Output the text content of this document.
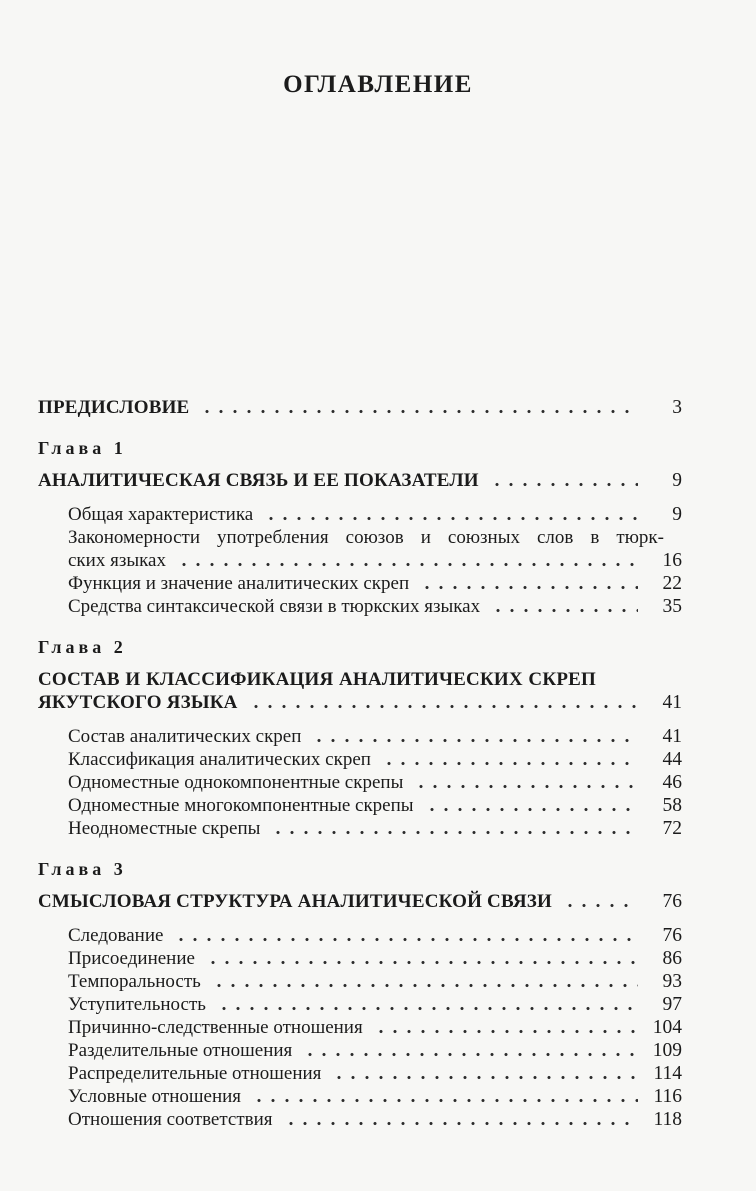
ОГЛАВЛЕНИЕ
ПРЕДИСЛОВИЕ	3
Глава 1
АНАЛИТИЧЕСКАЯ СВЯЗЬ И ЕЕ ПОКАЗАТЕЛИ	9
Общая характеристика	9
Закономерности употребления союзов и союзных слов в тюрк-
ских языках	16
Функция и значение аналитических скреп	22
Средства синтаксической связи в тюркских языках	35
Глава 2
СОСТАВ И КЛАССИФИКАЦИЯ АНАЛИТИЧЕСКИХ СКРЕП
ЯКУТСКОГО ЯЗЫКА	41
Состав аналитических скреп	41
Классификация аналитических скреп	44
Одноместные однокомпонентные скрепы	46
Одноместные многокомпонентные скрепы	58
Неодноместные скрепы	72
Глава 3
СМЫСЛОВАЯ СТРУКТУРА АНАЛИТИЧЕСКОЙ СВЯЗИ	76
Следование	76
Присоединение	86
Темпоральность	93
Уступительность	97
Причинно-следственные отношения	104
Разделительные отношения	109
Распределительные отношения	114
Условные отношения	116
Отношения соответствия	118
